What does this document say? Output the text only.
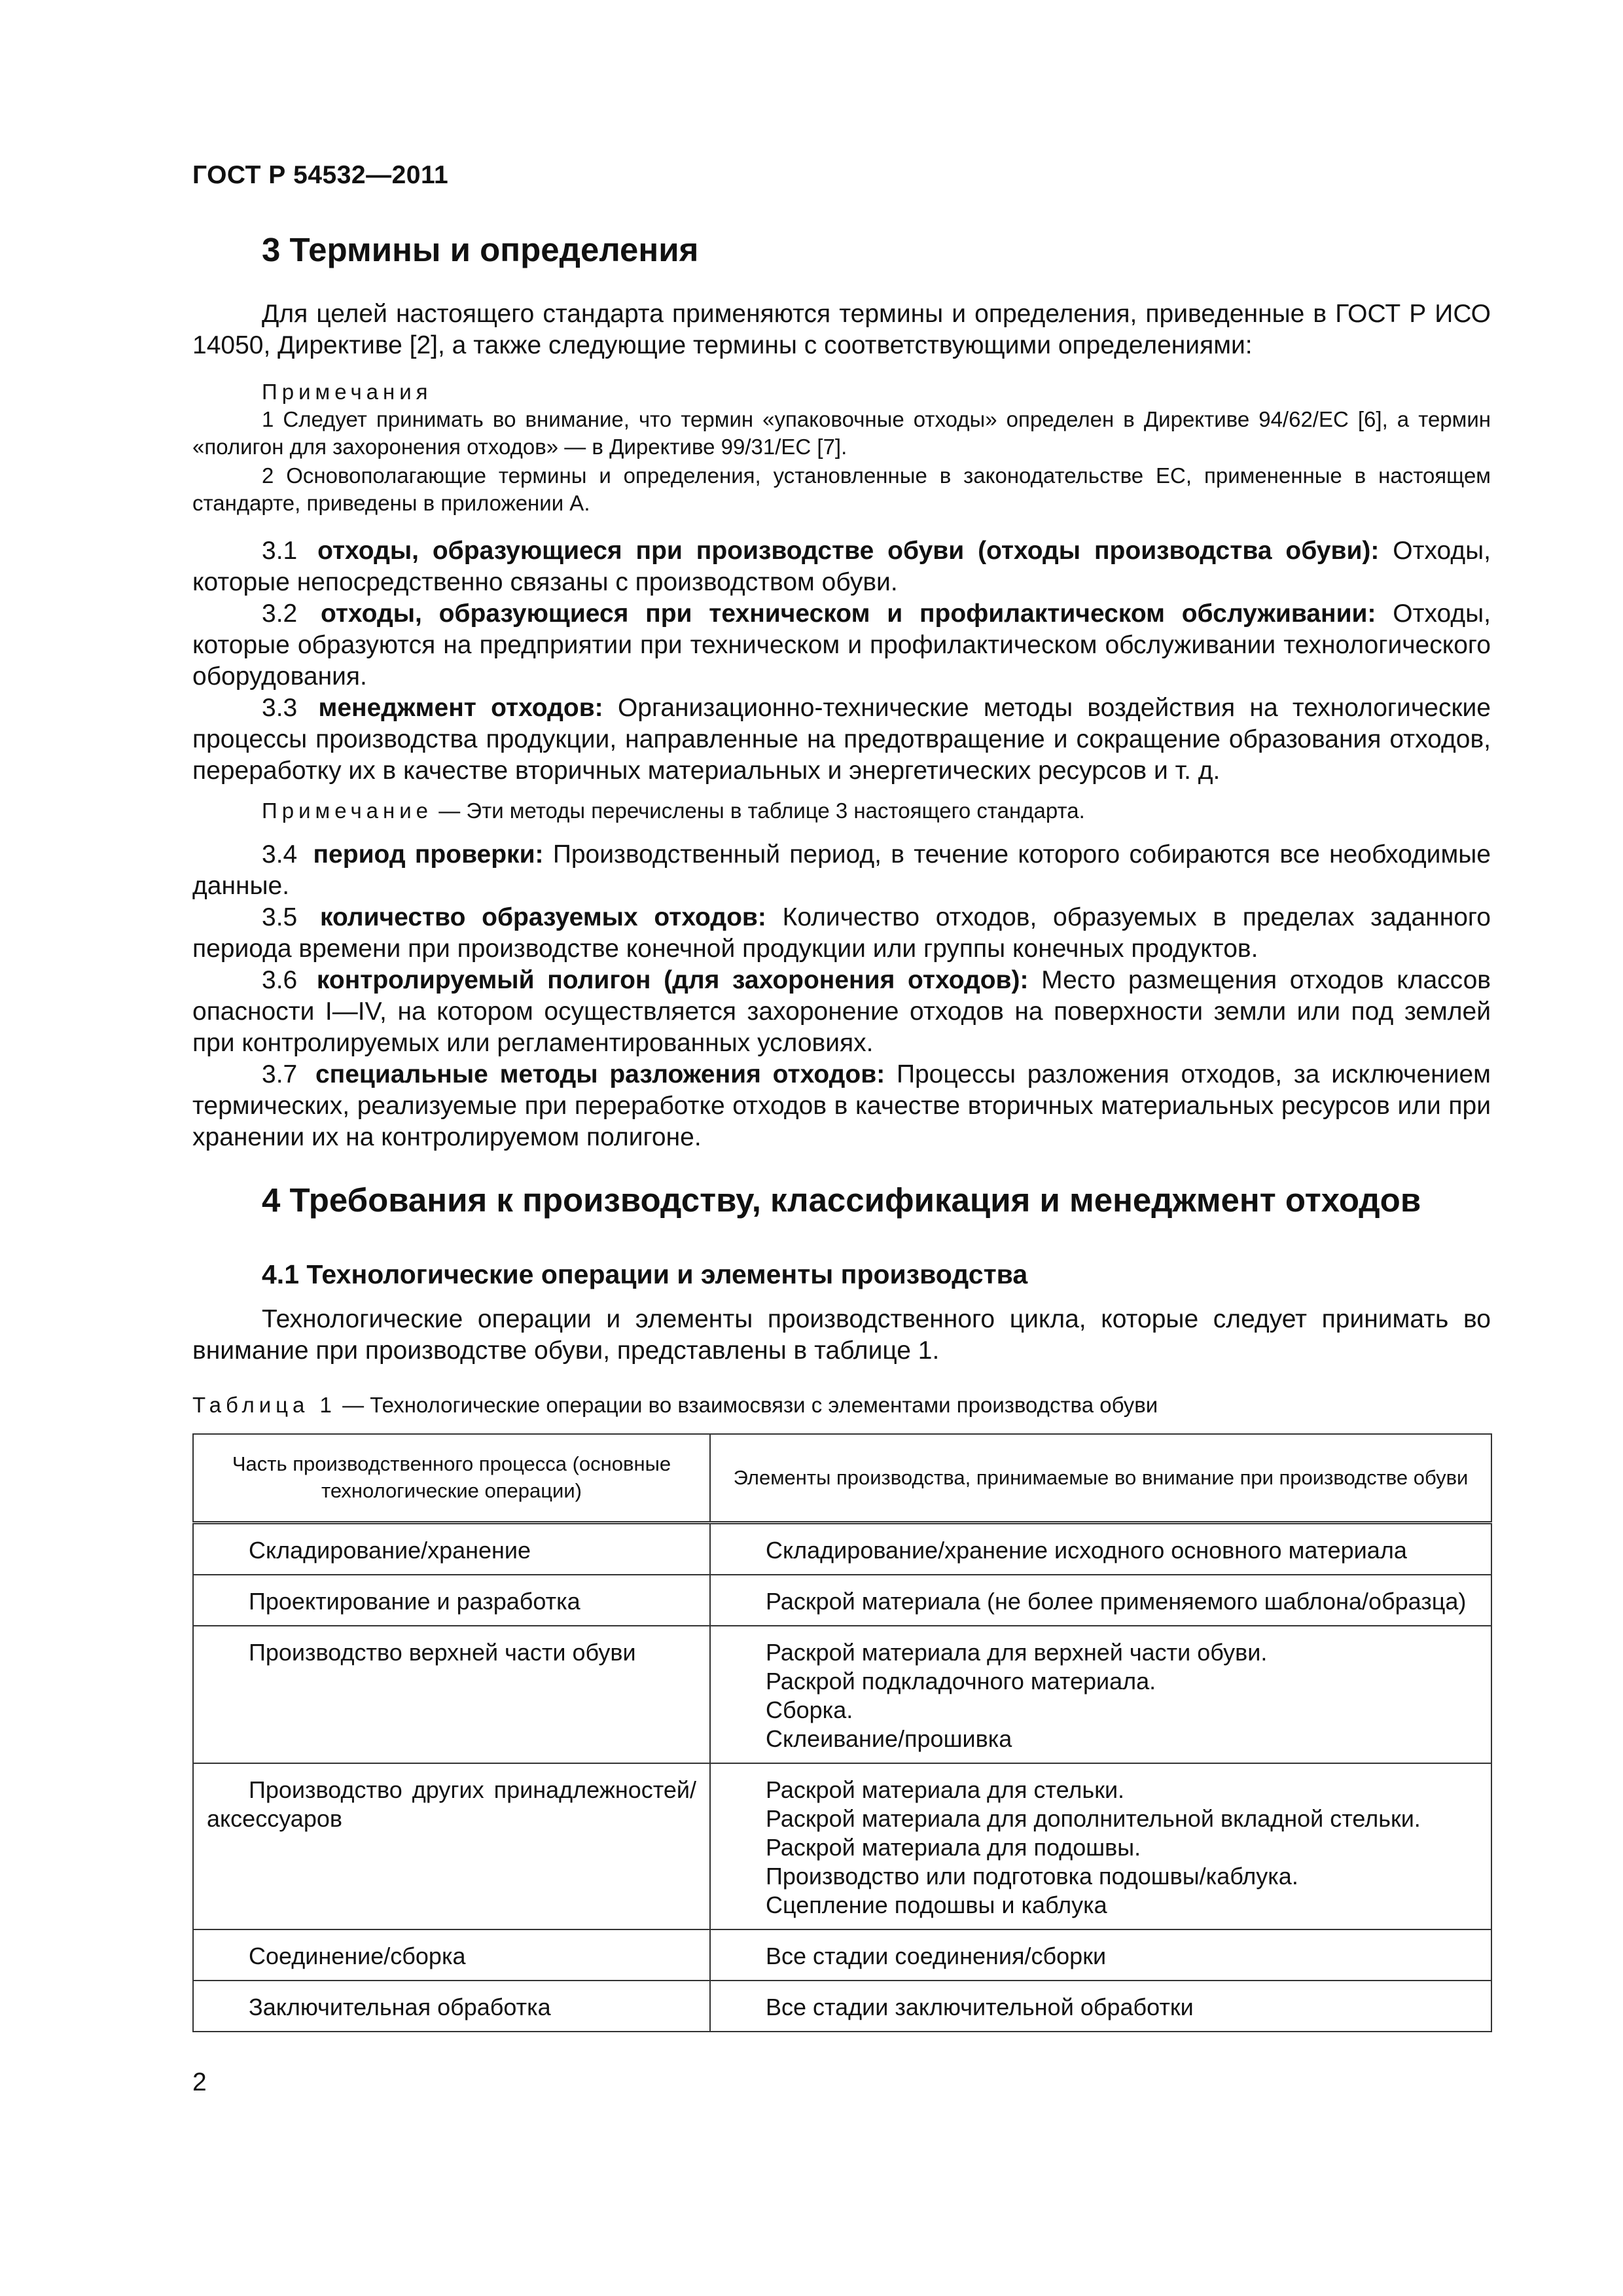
ГОСТ Р 54532—2011
3 Термины и определения
Для целей настоящего стандарта применяются термины и определения, приведенные в ГОСТ Р ИСО 14050, Директиве [2], а также следующие термины с соответствующими определениями:
Примечания
1 Следует принимать во внимание, что термин «упаковочные отходы» определен в Директиве 94/62/ЕС [6], а термин «полигон для захоронения отходов» — в Директиве 99/31/ЕС [7].
2 Основополагающие термины и определения, установленные в законодательстве ЕС, примененные в настоящем стандарте, приведены в приложении А.
3.1 отходы, образующиеся при производстве обуви (отходы производства обуви): Отходы, которые непосредственно связаны с производством обуви.
3.2 отходы, образующиеся при техническом и профилактическом обслуживании: Отходы, которые образуются на предприятии при техническом и профилактическом обслуживании технологического оборудования.
3.3 менеджмент отходов: Организационно-технические методы воздействия на технологические процессы производства продукции, направленные на предотвращение и сокращение образования отходов, переработку их в качестве вторичных материальных и энергетических ресурсов и т. д.
Примечание — Эти методы перечислены в таблице 3 настоящего стандарта.
3.4 период проверки: Производственный период, в течение которого собираются все необходимые данные.
3.5 количество образуемых отходов: Количество отходов, образуемых в пределах заданного периода времени при производстве конечной продукции или группы конечных продуктов.
3.6 контролируемый полигон (для захоронения отходов): Место размещения отходов классов опасности I—IV, на котором осуществляется захоронение отходов на поверхности земли или под землей при контролируемых или регламентированных условиях.
3.7 специальные методы разложения отходов: Процессы разложения отходов, за исключением термических, реализуемые при переработке отходов в качестве вторичных материальных ресурсов или при хранении их на контролируемом полигоне.
4 Требования к производству, классификация и менеджмент отходов
4.1 Технологические операции и элементы производства
Технологические операции и элементы производственного цикла, которые следует принимать во внимание при производстве обуви, представлены в таблице 1.
Таблица 1 — Технологические операции во взаимосвязи с элементами производства обуви
Часть производственного процесса (основные технологические операции)	Элементы производства, принимаемые во внимание при производстве обуви
Складирование/хранение	Складирование/хранение исходного основного материала

Проектирование и разработка	Раскрой материала (не более применяемого шаблона/образца)

Производство верхней части обуви	Раскрой материала для верхней части обуви.
Раскрой подкладочного материала.
Сборка.
Склеивание/прошивка

Производство других принадлежностей/аксессуаров	Раскрой материала для стельки.
Раскрой материала для дополнительной вкладной стельки.
Раскрой материала для подошвы.
Производство или подготовка подошвы/каблука.
Сцепление подошвы и каблука

Соединение/сборка	Все стадии соединения/сборки

Заключительная обработка	Все стадии заключительной обработки
2
